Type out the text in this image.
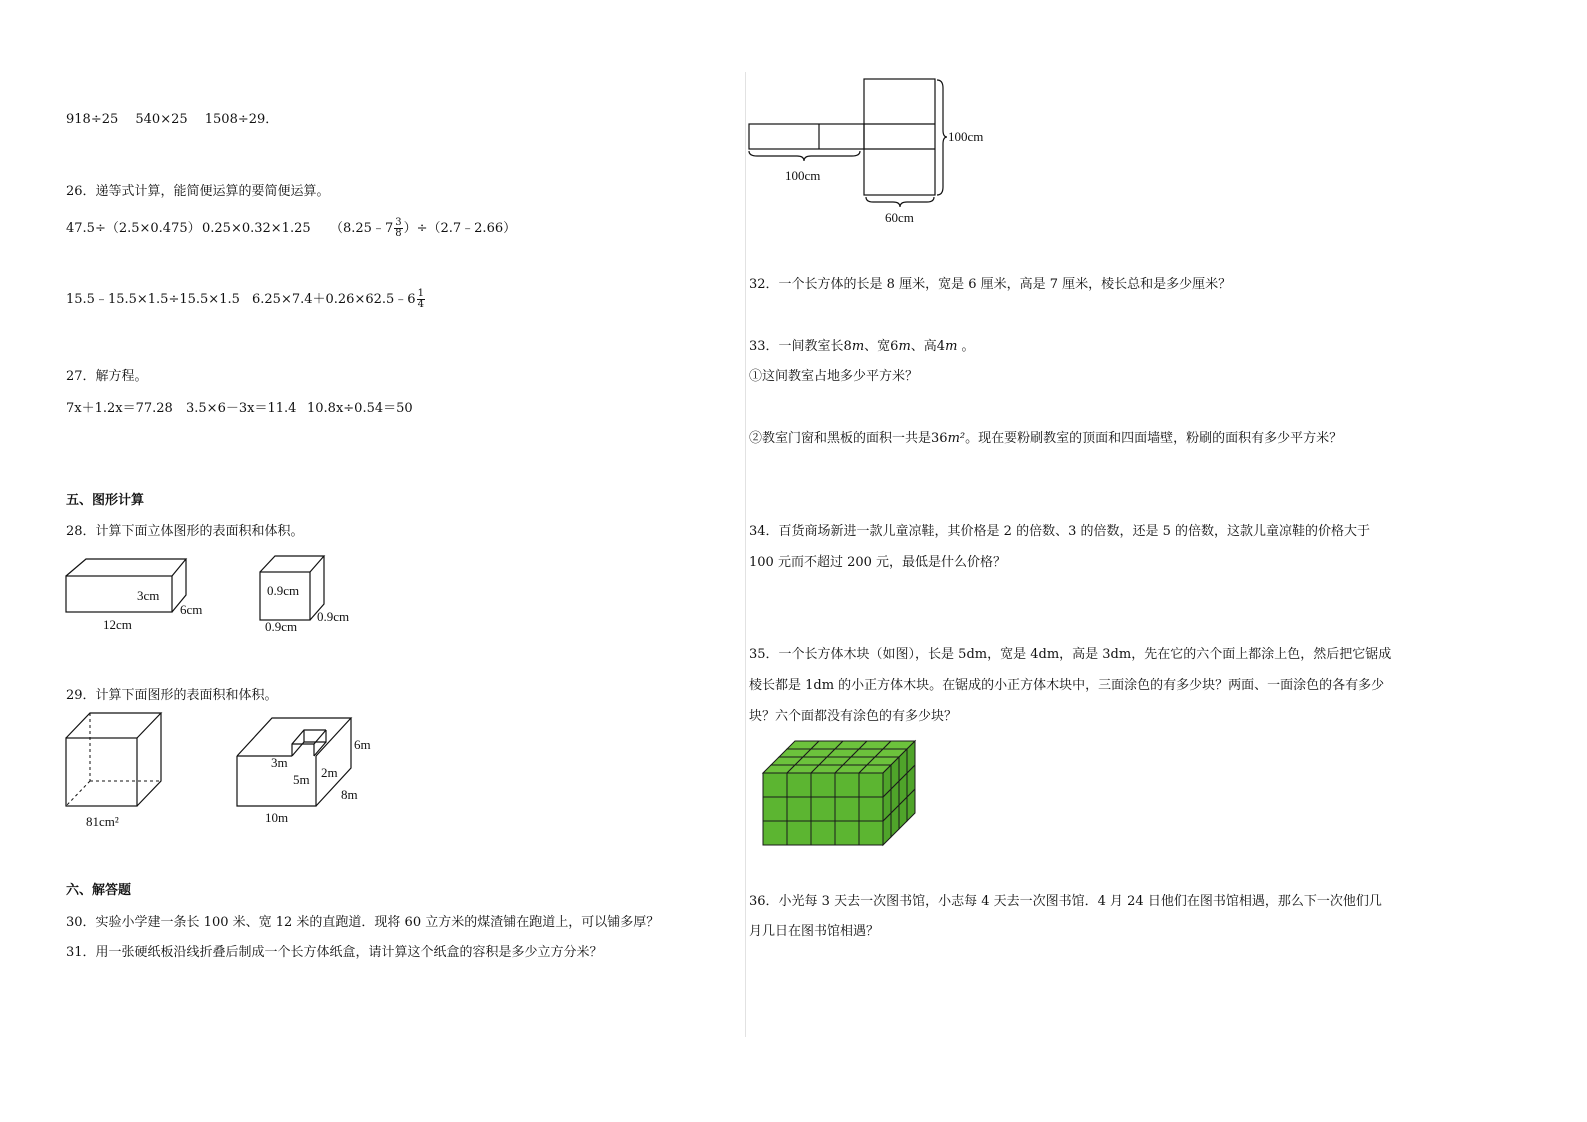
918÷25　 540×25　 1508÷29．
26．递等式计算，能简便运算的要简便运算。
47.5÷（2.5×0.475） 0.25×0.32×1.25 （8.25﹣7 $\frac{3}{8}$ ）÷（2.7﹣2.66）
15.5﹣15.5×1.5÷15.5×1.5 6.25×7.4＋0.26×62.5﹣6 $\frac{1}{4}$
27．解方程。
7x＋1.2x＝77.28 3.5×6－3x＝11.4 10.8x÷0.54＝50
五、图形计算
28．计算下面立体图形的表面积和体积。
3cm
6cm
12cm
0.9cm
0.9cm
0.9cm
29．计算下面图形的表面积和体积。
81cm²
6m
8m
10m
3m
5m 2m
六、解答题
30．实验小学建一条长 100 米、宽 12 米的直跑道．现将 60 立方米的煤渣铺在跑道上，可以铺多厚？
31．用一张硬纸板沿线折叠后制成一个长方体纸盒，请计算这个纸盒的容积是多少立方分米？
100cm
100cm
60cm
32．一个长方体的长是 8 厘米，宽是 6 厘米，高是 7 厘米，棱长总和是多少厘米？
33．一间教室长8m、宽6m、高4m 。
①这间教室占地多少平方米？
②教室门窗和黑板的面积一共是36m²。现在要粉刷教室的顶面和四面墙壁，粉刷的面积有多少平方米？
34．百货商场新进一款儿童凉鞋，其价格是 2 的倍数、3 的倍数，还是 5 的倍数，这款儿童凉鞋的价格大于
100 元而不超过 200 元，最低是什么价格？
35．一个长方体木块（如图），长是 5dm，宽是 4dm，高是 3dm，先在它的六个面上都涂上色，然后把它锯成
棱长都是 1dm 的小正方体木块。在锯成的小正方体木块中，三面涂色的有多少块？两面、一面涂色的各有多少
块？六个面都没有涂色的有多少块？
36．小光每 3 天去一次图书馆，小志每 4 天去一次图书馆．4 月 24 日他们在图书馆相遇，那么下一次他们几
月几日在图书馆相遇？
